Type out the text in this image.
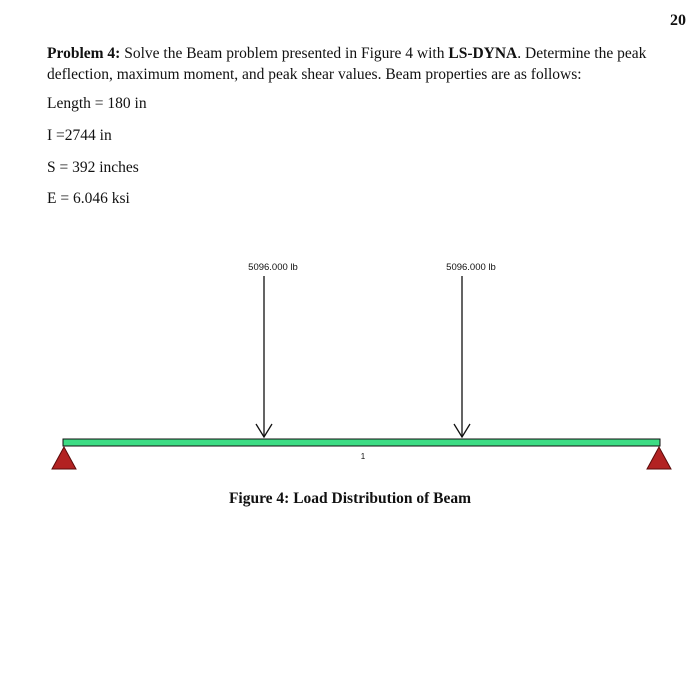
20
Problem 4: Solve the Beam problem presented in Figure 4 with LS-DYNA. Determine the peak deflection, maximum moment, and peak shear values. Beam properties are as follows:
Length = 180 in
I =2744 in
S = 392 inches
E = 6.046 ksi
5096.000 lb	5096.000 lb
1
Figure 4: Load Distribution of Beam
